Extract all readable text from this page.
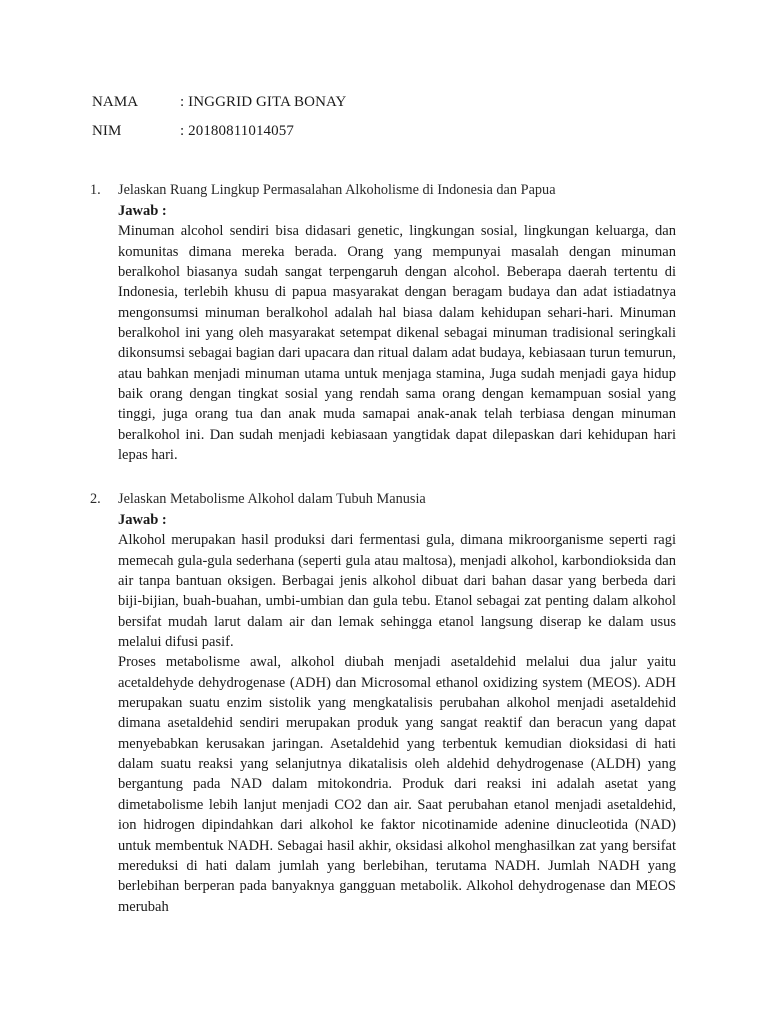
NAMA	: INGGRID GITA BONAY
NIM	: 20180811014057
1. Jelaskan Ruang Lingkup Permasalahan Alkoholisme di Indonesia dan Papua

Jawab :

Minuman alcohol sendiri bisa didasari genetic, lingkungan sosial, lingkungan keluarga, dan komunitas dimana mereka berada. Orang yang mempunyai masalah dengan minuman beralkohol biasanya sudah sangat terpengaruh dengan alcohol. Beberapa daerah tertentu di Indonesia, terlebih khusu di papua masyarakat dengan beragam budaya dan adat istiadatnya mengonsumsi minuman beralkohol adalah hal biasa dalam kehidupan sehari-hari. Minuman beralkohol ini yang oleh masyarakat setempat dikenal sebagai minuman tradisional seringkali dikonsumsi sebagai bagian dari upacara dan ritual dalam adat budaya, kebiasaan turun temurun, atau bahkan menjadi minuman utama untuk menjaga stamina, Juga sudah menjadi gaya hidup baik orang dengan tingkat sosial yang rendah sama orang dengan kemampuan sosial yang tinggi, juga orang tua dan anak muda samapai anak-anak telah terbiasa dengan minuman beralkohol ini. Dan sudah menjadi kebiasaan yangtidak dapat dilepaskan dari kehidupan hari lepas hari.

2. Jelaskan Metabolisme Alkohol dalam Tubuh Manusia

Jawab :

Alkohol merupakan hasil produksi dari fermentasi gula, dimana mikroorganisme seperti ragi memecah gula-gula sederhana (seperti gula atau maltosa), menjadi alkohol, karbondioksida dan air tanpa bantuan oksigen. Berbagai jenis alkohol dibuat dari bahan dasar yang berbeda dari biji-bijian, buah-buahan, umbi-umbian dan gula tebu. Etanol sebagai zat penting dalam alkohol bersifat mudah larut dalam air dan lemak sehingga etanol langsung diserap ke dalam usus melalui difusi pasif.

Proses metabolisme awal, alkohol diubah menjadi asetaldehid melalui dua jalur yaitu acetaldehyde dehydrogenase (ADH) dan Microsomal ethanol oxidizing system (MEOS). ADH merupakan suatu enzim sistolik yang mengkatalisis perubahan alkohol menjadi asetaldehid dimana asetaldehid sendiri merupakan produk yang sangat reaktif dan beracun yang dapat menyebabkan kerusakan jaringan. Asetaldehid yang terbentuk kemudian dioksidasi di hati dalam suatu reaksi yang selanjutnya dikatalisis oleh aldehid dehydrogenase (ALDH) yang bergantung pada NAD dalam mitokondria. Produk dari reaksi ini adalah asetat yang dimetabolisme lebih lanjut menjadi CO2 dan air. Saat perubahan etanol menjadi asetaldehid, ion hidrogen dipindahkan dari alkohol ke faktor nicotinamide adenine dinucleotida (NAD) untuk membentuk NADH. Sebagai hasil akhir, oksidasi alkohol menghasilkan zat yang bersifat mereduksi di hati dalam jumlah yang berlebihan, terutama NADH. Jumlah NADH yang berlebihan berperan pada banyaknya gangguan metabolik. Alkohol dehydrogenase dan MEOS merubah
